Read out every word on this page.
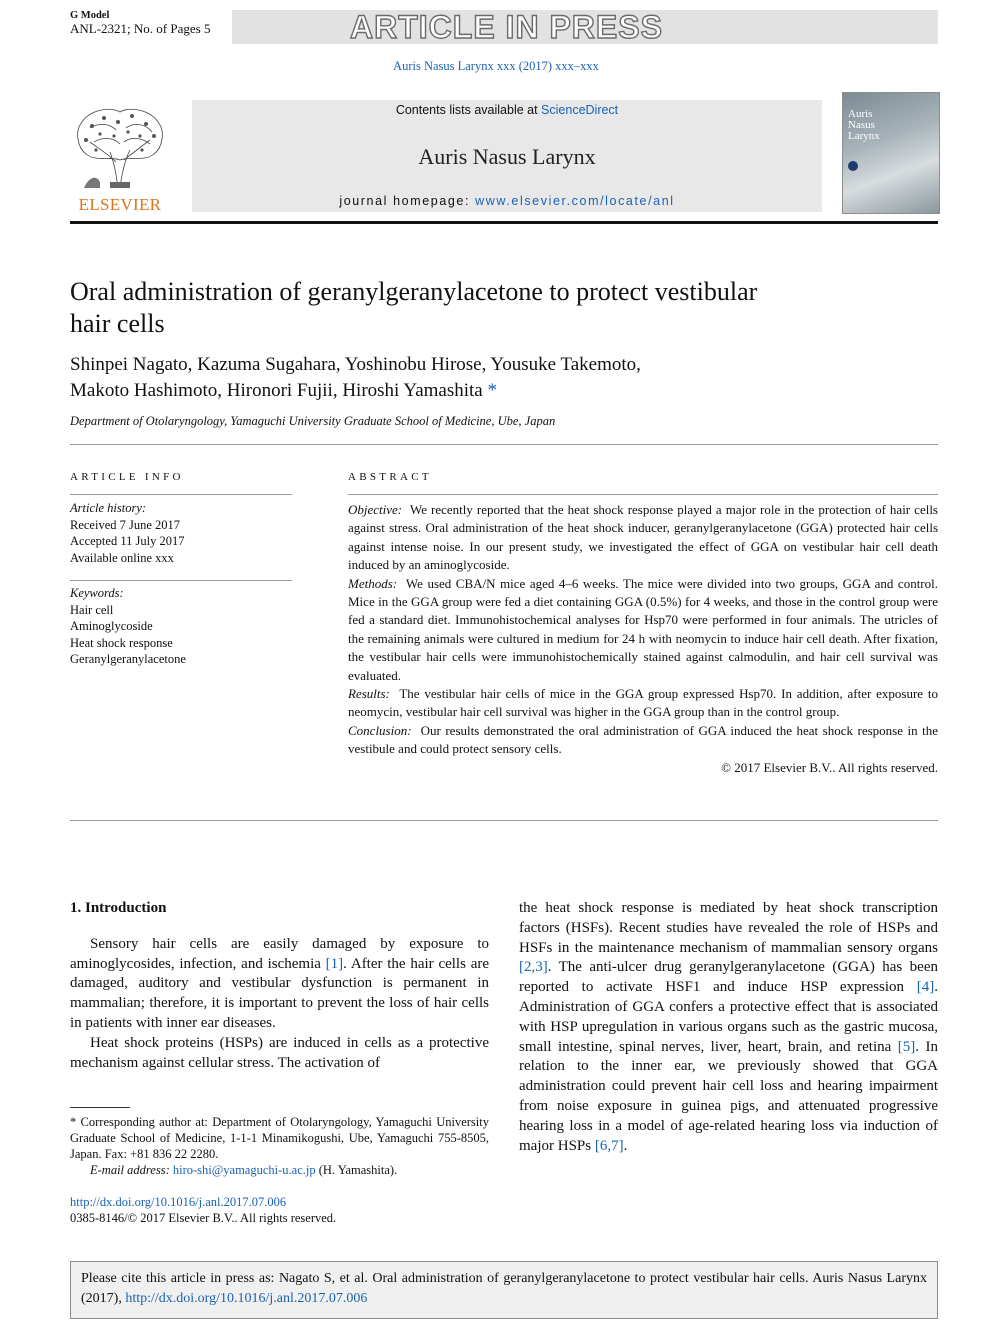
G Model
ANL-2321; No. of Pages 5	ARTICLE IN PRESS
Auris Nasus Larynx xxx (2017) xxx–xxx
ELSEVIER
Contents lists available at ScienceDirect
Auris Nasus Larynx
journal homepage: www.elsevier.com/locate/anl
Auris
Nasus
Larynx
Oral administration of geranylgeranylacetone to protect vestibular
hair cells
Shinpei Nagato, Kazuma Sugahara, Yoshinobu Hirose, Yousuke Takemoto,
Makoto Hashimoto, Hironori Fujii, Hiroshi Yamashita *
Department of Otolaryngology, Yamaguchi University Graduate School of Medicine, Ube, Japan
ARTICLE INFO
Article history:
Received 7 June 2017
Accepted 11 July 2017
Available online xxx
Keywords:
Hair cell
Aminoglycoside
Heat shock response
Geranylgeranylacetone
ABSTRACT

Objective: We recently reported that the heat shock response played a major role in the protection of hair cells against stress. Oral administration of the heat shock inducer, geranylgeranylacetone (GGA) protected hair cells against intense noise. In our present study, we investigated the effect of GGA on vestibular hair cell death induced by an aminoglycoside.

Methods: We used CBA/N mice aged 4–6 weeks. The mice were divided into two groups, GGA and control. Mice in the GGA group were fed a diet containing GGA (0.5%) for 4 weeks, and those in the control group were fed a standard diet. Immunohistochemical analyses for Hsp70 were performed in four animals. The utricles of the remaining animals were cultured in medium for 24 h with neomycin to induce hair cell death. After fixation, the vestibular hair cells were immunohistochemically stained against calmodulin, and hair cell survival was evaluated.

Results: The vestibular hair cells of mice in the GGA group expressed Hsp70. In addition, after exposure to neomycin, vestibular hair cell survival was higher in the GGA group than in the control group.

Conclusion: Our results demonstrated the oral administration of GGA induced the heat shock response in the vestibule and could protect sensory cells.

© 2017 Elsevier B.V.. All rights reserved.

1. Introduction

Sensory hair cells are easily damaged by exposure to aminoglycosides, infection, and ischemia [1]. After the hair cells are damaged, auditory and vestibular dysfunction is permanent in mammalian; therefore, it is important to prevent the loss of hair cells in patients with inner ear diseases.

Heat shock proteins (HSPs) are induced in cells as a protective mechanism against cellular stress. The activation of

* Corresponding author at: Department of Otolaryngology, Yamaguchi University Graduate School of Medicine, 1-1-1 Minamikogushi, Ube, Yamaguchi 755-8505, Japan. Fax: +81 836 22 2280.

E-mail address: hiro-shi@yamaguchi-u.ac.jp (H. Yamashita).

http://dx.doi.org/10.1016/j.anl.2017.07.006

0385-8146/© 2017 Elsevier B.V.. All rights reserved.

the heat shock response is mediated by heat shock transcription factors (HSFs). Recent studies have revealed the role of HSPs and HSFs in the maintenance mechanism of mammalian sensory organs [2,3]. The anti-ulcer drug geranylgeranylacetone (GGA) has been reported to activate HSF1 and induce HSP expression [4]. Administration of GGA confers a protective effect that is associated with HSP upregulation in various organs such as the gastric mucosa, small intestine, spinal nerves, liver, heart, brain, and retina [5]. In relation to the inner ear, we previously showed that GGA administration could prevent hair cell loss and hearing impairment from noise exposure in guinea pigs, and attenuated progressive hearing loss in a model of age-related hearing loss via induction of major HSPs [6,7].

Please cite this article in press as: Nagato S, et al. Oral administration of geranylgeranylacetone to protect vestibular hair cells. Auris Nasus Larynx (2017), http://dx.doi.org/10.1016/j.anl.2017.07.006
